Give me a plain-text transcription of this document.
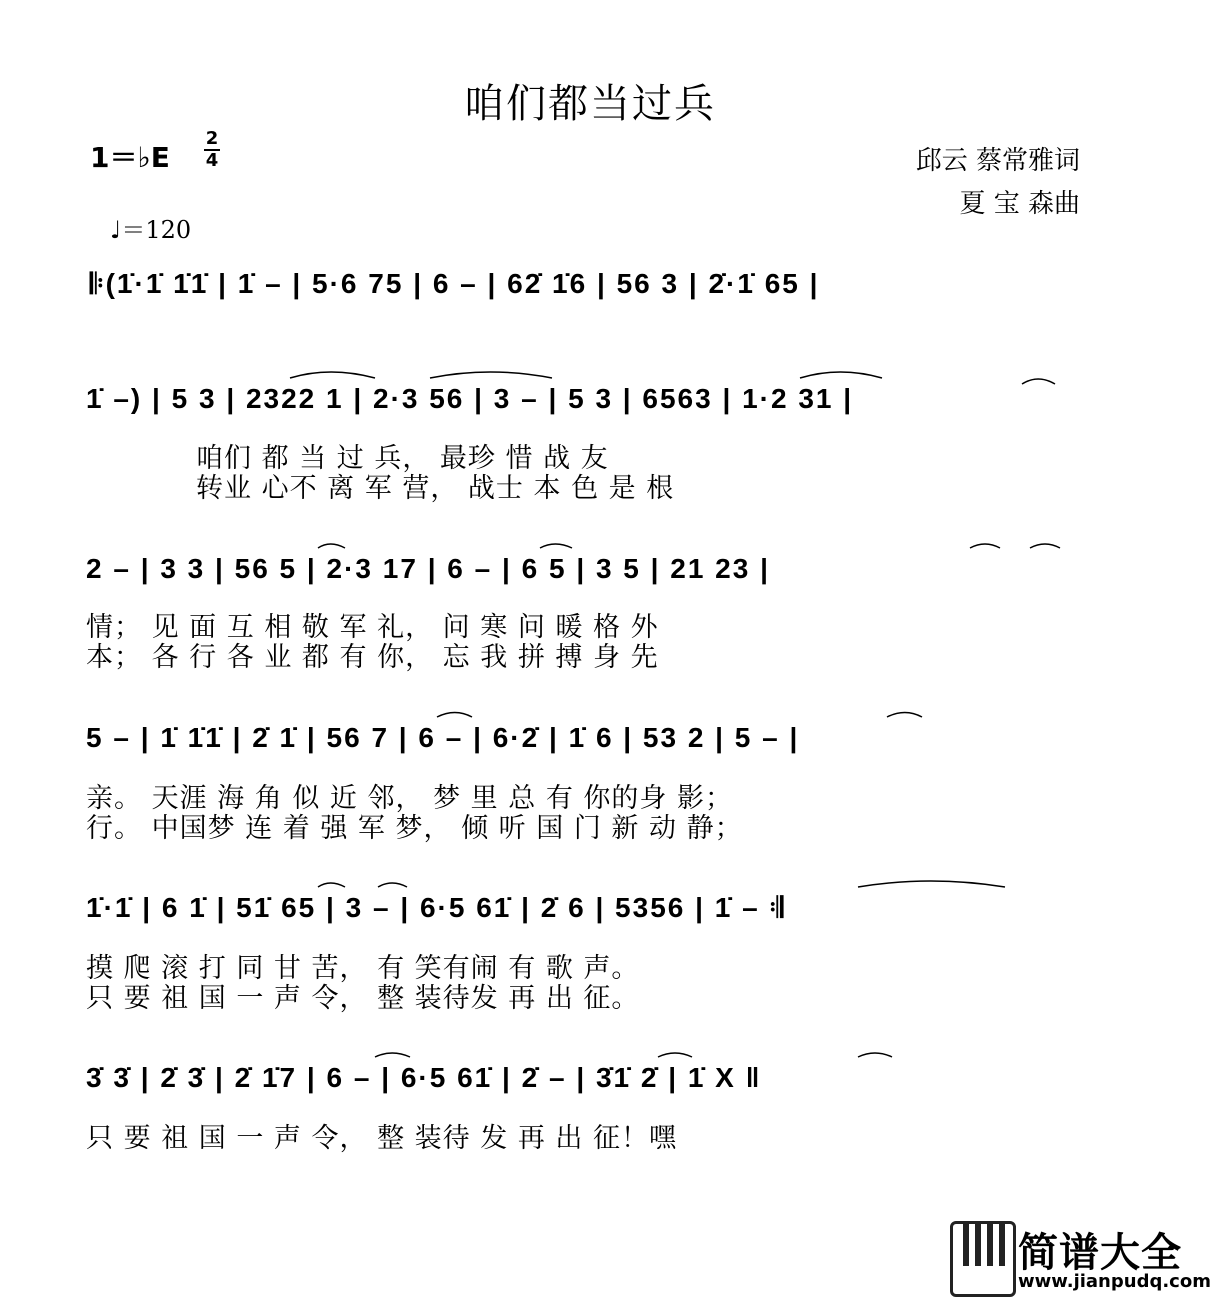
咱们都当过兵
1＝♭E
2
4
♩＝120
邱云 蔡常雅词
夏 宝 森曲
𝄆(1̇·1̇ 1̇1̇ | 1̇ – | 5·6 75 | 6 – | 62̇ 1̇6 | 56 3 | 2̇·1̇ 65 |
1̇ –) | 5 3 | 2322 1 | 2·3 56 | 3 – | 5 3 | 6563 | 1·2 31 |
咱们 都 当 过 兵， 最珍 惜 战 友
转业 心不 离 军 营， 战士 本 色 是 根
2 – | 3 3 | 56 5 | 2·3 17 | 6 – | 6 5 | 3 5 | 21 23 |
情； 见 面 互 相 敬 军 礼， 问 寒 问 暖 格 外
本； 各 行 各 业 都 有 你， 忘 我 拼 搏 身 先
5 – | 1̇ 1̇1̇ | 2̇ 1̇ | 56 7 | 6 – | 6·2̇ | 1̇ 6 | 53 2 | 5 – |
亲。 天涯 海 角 似 近 邻， 梦 里 总 有 你的身 影；
行。 中国梦 连 着 强 军 梦， 倾 听 国 门 新 动 静；
1̇·1̇ | 6 1̇ | 51̇ 65 | 3 – | 6·5 61̇ | 2̇ 6 | 5356 | 1̇ – 𝄇
摸 爬 滚 打 同 甘 苦， 有 笑有闹 有 歌 声。
只 要 祖 国 一 声 令， 整 装待发 再 出 征。
3̇ 3̇ | 2̇ 3̇ | 2̇ 1̇7 | 6 – | 6·5 61̇ | 2̇ – | 3̇1̇ 2̇ | 1̇ X ‖
只 要 祖 国 一 声 令， 整 装待 发 再 出 征！嘿
简谱大全
www.jianpudq.com
